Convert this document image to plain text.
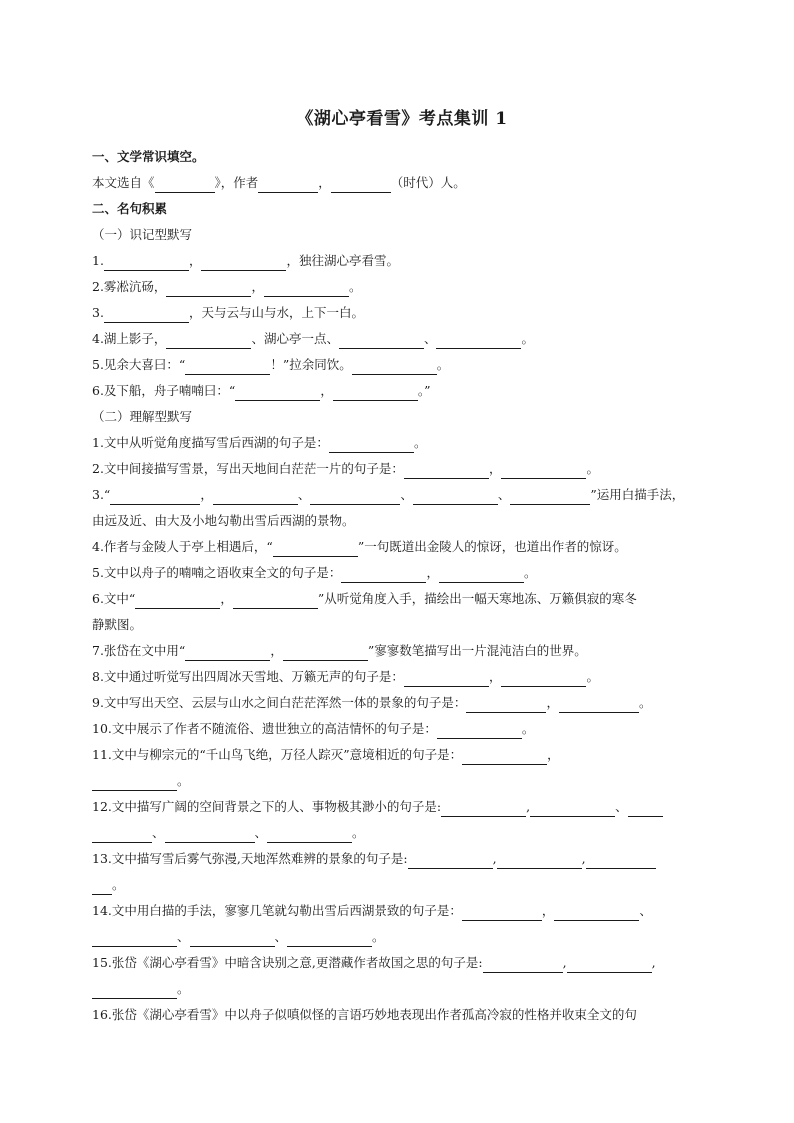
《湖心亭看雪》考点集训 1
一、文学常识填空。
本文选自《	》，作者	，	（时代）人。
二、名句积累
（一）识记型默写
1.	，	，独往湖心亭看雪。
2.雾凇沆砀，	，	。
3.	，天与云与山与水，上下一白。
4.湖上影子，	、湖心亭一点、	、	。
5.见余大喜曰：“	！”拉余同饮。	。
6.及下船，舟子喃喃曰：“	，	。”
（二）理解型默写
1.文中从听觉角度描写雪后西湖的句子是：	。
2.文中间接描写雪景，写出天地间白茫茫一片的句子是：	，	。
3.“	，	、	、	、	”运用白描手法，
由远及近、由大及小地勾勒出雪后西湖的景物。
4.作者与金陵人于亭上相遇后，“	”一句既道出金陵人的惊讶，也道出作者的惊讶。
5.文中以舟子的喃喃之语收束全文的句子是：	，	。
6.文中“	，	”从听觉角度入手，描绘出一幅天寒地冻、万籁俱寂的寒冬
静默图。
7.张岱在文中用“	，	”寥寥数笔描写出一片混沌洁白的世界。
8.文中通过听觉写出四周冰天雪地、万籁无声的句子是：	，	。
9.文中写出天空、云层与山水之间白茫茫浑然一体的景象的句子是：	，	。
10.文中展示了作者不随流俗、遗世独立的高洁情怀的句子是：	。
11.文中与柳宗元的“千山鸟飞绝，万径人踪灭”意境相近的句子是：	，
。
12.文中描写广阔的空间背景之下的人、事物极其渺小的句子是:	,	、
、	、	。
13.文中描写雪后雾气弥漫,天地浑然难辨的景象的句子是:	,	,
。
14.文中用白描的手法，寥寥几笔就勾勒出雪后西湖景致的句子是：	，	、
、	、	。
15.张岱《湖心亭看雪》中暗含诀别之意,更潜藏作者故国之思的句子是:	,	,
。
16.张岱《湖心亭看雪》中以舟子似嗔似怪的言语巧妙地表现出作者孤高冷寂的性格并收束全文的句
